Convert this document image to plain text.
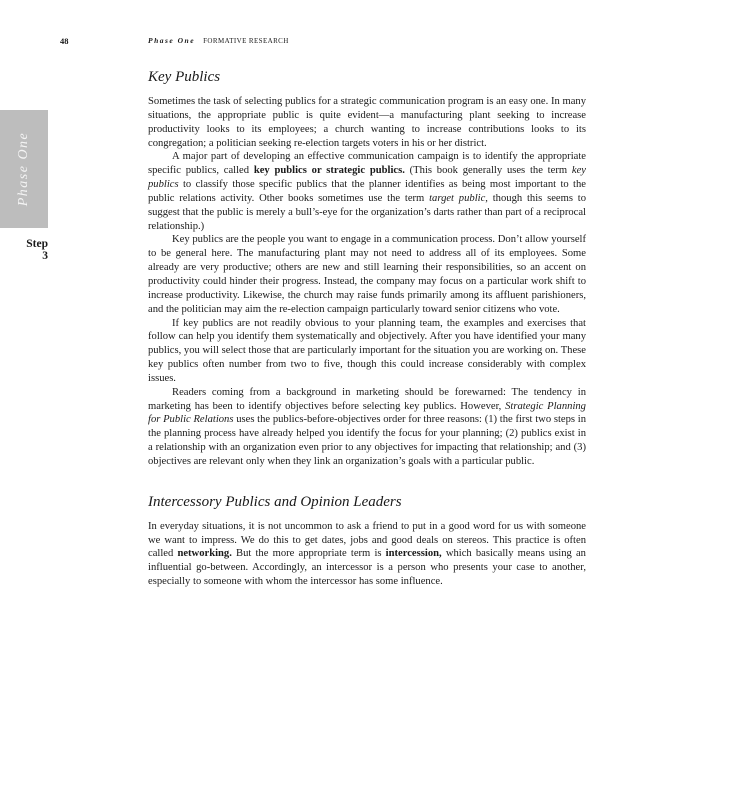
48	Phase One FORMATIVE RESEARCH
Phase One
Step
3
Key Publics

Sometimes the task of selecting publics for a strategic communication program is an easy one. In many situations, the appropriate public is quite evident—a manufacturing plant seeking to increase productivity looks to its employees; a church wanting to increase contributions looks to its congregation; a politician seeking re-election targets voters in his or her district.

A major part of developing an effective communication campaign is to identify the appropriate specific publics, called key publics or strategic publics. (This book generally uses the term key publics to classify those specific publics that the planner identifies as being most important to the public relations activity. Other books sometimes use the term target public, though this seems to suggest that the public is merely a bull’s-eye for the organization’s darts rather than part of a reciprocal relationship.)

Key publics are the people you want to engage in a communication process. Don’t allow yourself to be general here. The manufacturing plant may not need to address all of its employees. Some already are very productive; others are new and still learning their responsibilities, so an accent on productivity could hinder their progress. Instead, the company may focus on a particular work shift to increase productivity. Likewise, the church may raise funds primarily among its affluent parishioners, and the politician may aim the re-election campaign particularly toward senior citizens who vote.

If key publics are not readily obvious to your planning team, the examples and exercises that follow can help you identify them systematically and objectively. After you have identified your many publics, you will select those that are particularly important for the situation you are working on. These key publics often number from two to five, though this could increase considerably with complex issues.

Readers coming from a background in marketing should be forewarned: The tendency in marketing has been to identify objectives before selecting key publics. However, Strategic Planning for Public Relations uses the publics-before-objectives order for three reasons: (1) the first two steps in the planning process have already helped you identify the focus for your planning; (2) publics exist in a relationship with an organization even prior to any objectives for impacting that relationship; and (3) objectives are relevant only when they link an organization’s goals with a particular public.

Intercessory Publics and Opinion Leaders

In everyday situations, it is not uncommon to ask a friend to put in a good word for us with someone we want to impress. We do this to get dates, jobs and good deals on stereos. This practice is often called networking. But the more appropriate term is intercession, which basically means using an influential go-between. Accordingly, an intercessor is a person who presents your case to another, especially to someone with whom the intercessor has some influence.
